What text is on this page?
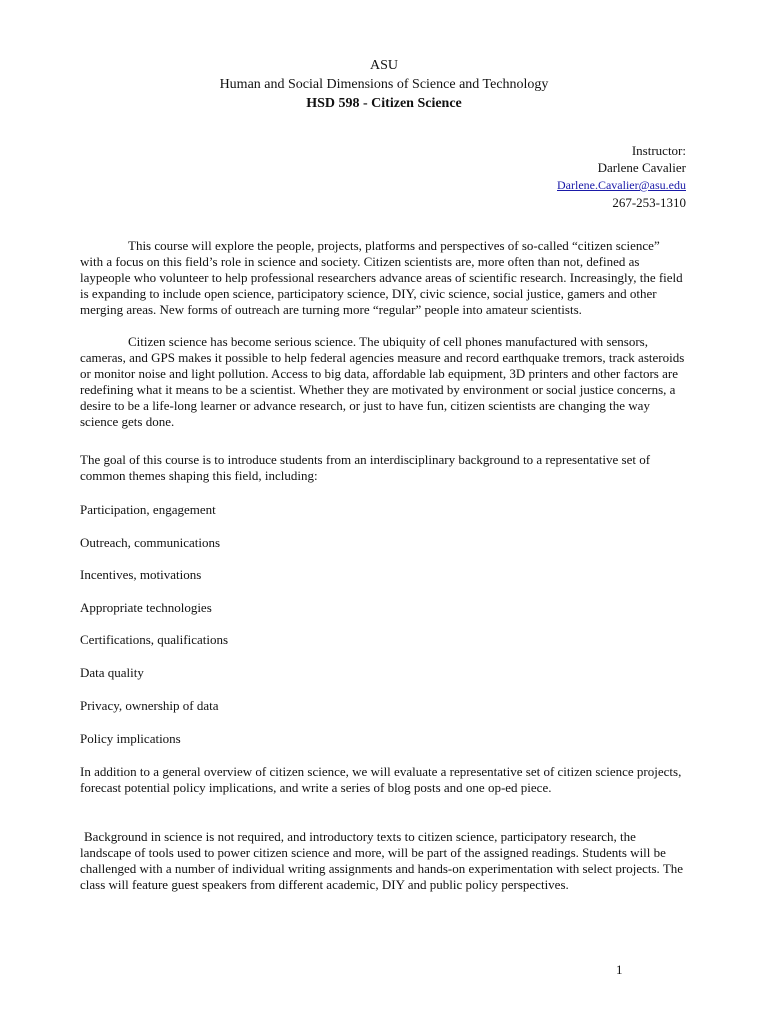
ASU
Human and Social Dimensions of Science and Technology
HSD 598 - Citizen Science
Instructor:
Darlene Cavalier
Darlene.Cavalier@asu.edu
267-253-1310
This course will explore the people, projects, platforms and perspectives of so-called “citizen science” with a focus on this field’s role in science and society. Citizen scientists are, more often than not, defined as laypeople who volunteer to help professional researchers advance areas of scientific research. Increasingly, the field is expanding to include open science, participatory science, DIY, civic science, social justice, gamers and other merging areas. New forms of outreach are turning more “regular” people into amateur scientists.
Citizen science has become serious science. The ubiquity of cell phones manufactured with sensors, cameras, and GPS makes it possible to help federal agencies measure and record earthquake tremors, track asteroids or monitor noise and light pollution. Access to big data, affordable lab equipment, 3D printers and other factors are redefining what it means to be a scientist. Whether they are motivated by environment or social justice concerns, a desire to be a life-long learner or advance research, or just to have fun, citizen scientists are changing the way science gets done.
The goal of this course is to introduce students from an interdisciplinary background to a representative set of common themes shaping this field, including:
Participation, engagement
Outreach, communications
Incentives, motivations
Appropriate technologies
Certifications, qualifications
Data quality
Privacy, ownership of data
Policy implications
In addition to a general overview of citizen science, we will evaluate a representative set of citizen science projects, forecast potential policy implications, and write a series of blog posts and one op-ed piece.
Background in science is not required, and introductory texts to citizen science, participatory research, the landscape of tools used to power citizen science and more, will be part of the assigned readings. Students will be challenged with a number of individual writing assignments and hands-on experimentation with select projects. The class will feature guest speakers from different academic, DIY and public policy perspectives.
1
